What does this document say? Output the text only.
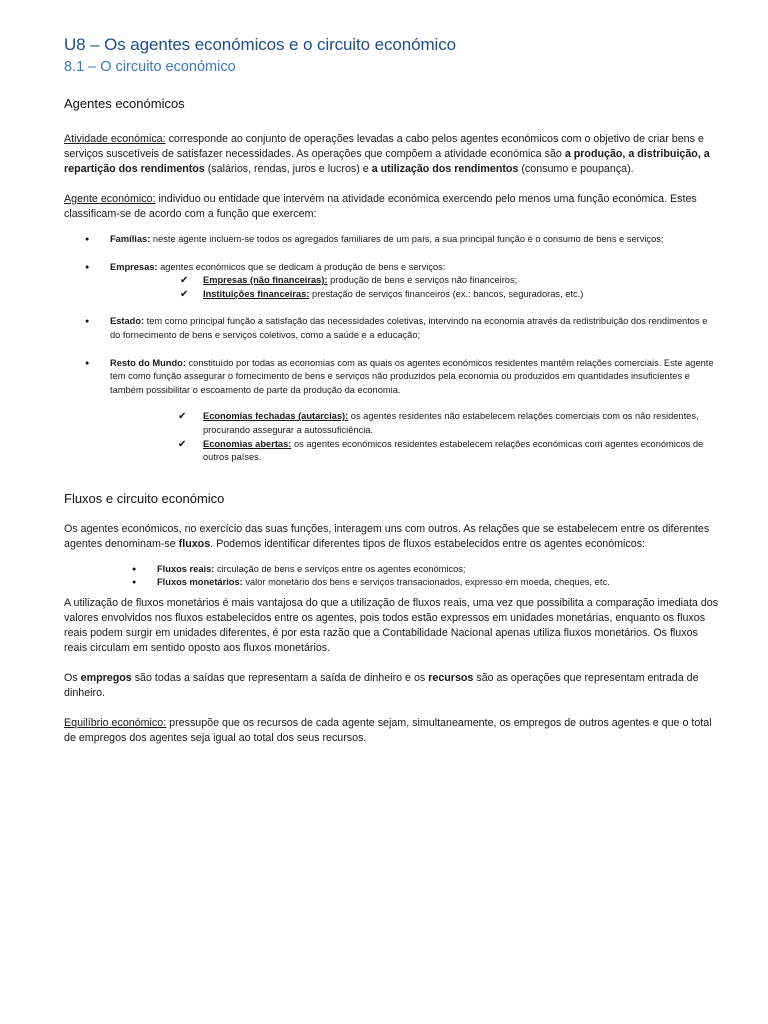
U8 – Os agentes económicos e o circuito económico
8.1 – O circuito económico
Agentes económicos

Atividade económica: corresponde ao conjunto de operações levadas a cabo pelos agentes económicos com o objetivo de criar bens e serviços suscetíveis de satisfazer necessidades. As operações que compõem a atividade económica são a produção, a distribuição, a repartição dos rendimentos (salários, rendas, juros e lucros) e a utilização dos rendimentos (consumo e poupança).

Agente económico: individuo ou entidade que intervém na atividade económica exercendo pelo menos uma função económica. Estes classificam-se de acordo com a função que exercem:

● Famílias: neste agente incluem-se todos os agregados familiares de um país, a sua principal função é o consumo de bens e serviços;
● Empresas: agentes económicos que se dedicam à produção de bens e serviços:
✔ Empresas (não financeiras): produção de bens e serviços não financeiros;
✔ Instituições financeiras: prestação de serviços financeiros (ex.: bancos, seguradoras, etc.)
● Estado: tem como principal função a satisfação das necessidades coletivas, intervindo na economia através da redistribuição dos rendimentos e do fornecimento de bens e serviços coletivos, como a saúde e a educação;
● Resto do Mundo: constituído por todas as economias com as quais os agentes económicos residentes mantêm relações comerciais. Este agente tem como função assegurar o fornecimento de bens e serviços não produzidos pela economia ou produzidos em quantidades insuficientes e também possibilitar o escoamento de parte da produção da economia.
✔ Economias fechadas (autarcias): os agentes residentes não estabelecem relações comerciais com os não residentes, procurando assegurar a autossuficiência.
✔ Economias abertas: os agentes económicos residentes estabelecem relações económicas com agentes económicos de outros países.
Fluxos e circuito económico

Os agentes económicos, no exercício das suas funções, interagem uns com outros. As relações que se estabelecem entre os diferentes agentes denominam-se fluxos. Podemos identificar diferentes tipos de fluxos estabelecidos entre os agentes económicos:

● Fluxos reais: circulação de bens e serviços entre os agentes económicos;
● Fluxos monetários: valor monetário dos bens e serviços transacionados, expresso em moeda, cheques, etc.

A utilização de fluxos monetários é mais vantajosa do que a utilização de fluxos reais, uma vez que possibilita a comparação imediata dos valores envolvidos nos fluxos estabelecidos entre os agentes, pois todos estão expressos em unidades monetárias, enquanto os fluxos reais podem surgir em unidades diferentes, é por esta razão que a Contabilidade Nacional apenas utiliza fluxos monetários. Os fluxos reais circulam em sentido oposto aos fluxos monetários.

Os empregos são todas a saídas que representam a saída de dinheiro e os recursos são as operações que representam entrada de dinheiro.

Equilíbrio económico: pressupõe que os recursos de cada agente sejam, simultaneamente, os empregos de outros agentes e que o total de empregos dos agentes seja igual ao total dos seus recursos.
